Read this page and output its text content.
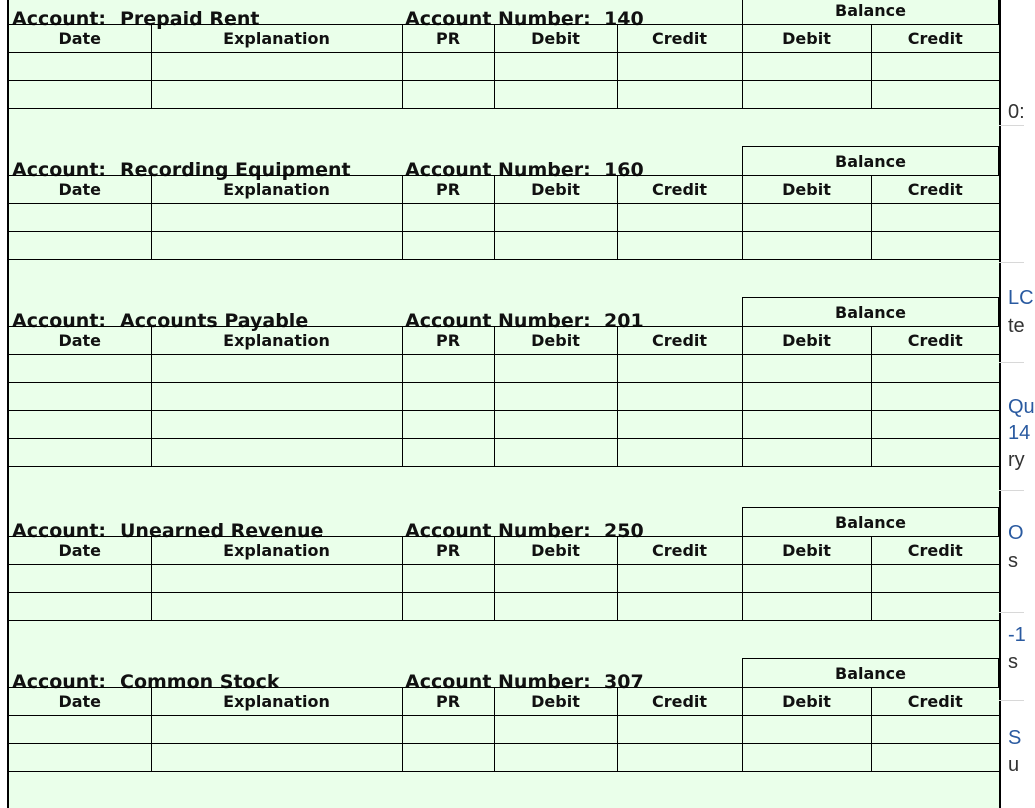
Balance
Account: Prepaid Rent	Account Number: 140
Date	Explanation	PR	Debit	Credit	Debit	Credit

Balance
Account: Recording Equipment	Account Number: 160
Date	Explanation	PR	Debit	Credit	Debit	Credit

Balance
Account: Accounts Payable	Account Number: 201
Date	Explanation	PR	Debit	Credit	Debit	Credit

Balance
Account: Unearned Revenue	Account Number: 250
Date	Explanation	PR	Debit	Credit	Debit	Credit

Balance
Account: Common Stock	Account Number: 307
Date	Explanation	PR	Debit	Credit	Debit	Credit

0:
LC
te
Qu
14
ry
O
s
-1
s
S
u
